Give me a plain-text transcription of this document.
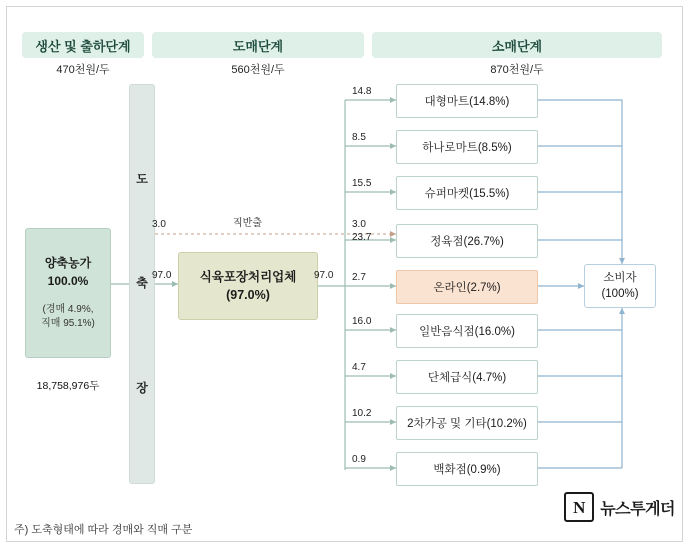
생산 및 출하단계
470천원/두
도매단계
560천원/두
소매단계
870천원/두
양축농가
100.0%
(경매 4.9%,
직매 95.1%)
18,758,976두
도
축
장
식육포장처리업체
(97.0%)
소비자
(100%)
3.0	직반출	3.0
97.0	97.0
23.7
14.8
8.5
15.5
2.7
16.0
4.7
10.2
0.9
대형마트(14.8%)
하나로마트(8.5%)
슈퍼마켓(15.5%)
정육점(26.7%)
온라인(2.7%)
일반음식점(16.0%)
단체급식(4.7%)
2차가공 및 기타(10.2%)
백화점(0.9%)
주) 도축형태에 따라 경매와 직매 구분
N 뉴스투게더
